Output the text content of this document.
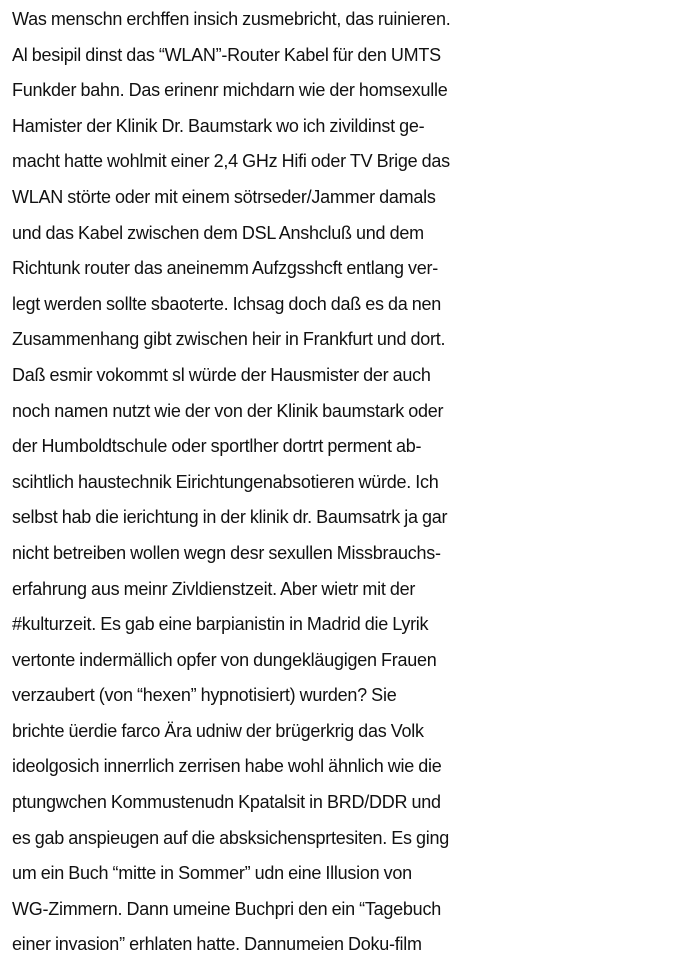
Was menschn erchffen insich zusmebricht, das ruinieren.
Al besipil dinst das “WLAN”-Router Kabel für den UMTS
Funkder bahn. Das erinenr michdarn wie der homsexulle
Hamister der Klinik Dr. Baumstark wo ich zivildinst ge-
macht hatte wohlmit einer 2,4 GHz Hifi oder TV Brige das
WLAN störte oder mit einem sötrseder/Jammer damals
und das Kabel zwischen dem DSL Anshcluß und dem
Richtunk router das aneinemm Aufzgsshcft entlang ver-
legt werden sollte sbaoterte. Ichsag doch daß es da nen
Zusammenhang gibt zwischen heir in Frankfurt und dort.
Daß esmir vokommt sl würde der Hausmister der auch
noch namen nutzt wie der von der Klinik baumstark oder
der Humboldtschule oder sportlher dortrt perment ab-
scihtlich haustechnik Eirichtungenabsotieren würde. Ich
selbst hab die ierichtung in der klinik dr. Baumsatrk ja gar
nicht betreiben wollen wegn desr sexullen Missbrauchs-
erfahrung aus meinr Zivldienstzeit. Aber wietr mit der
#kulturzeit. Es gab eine barpianistin in Madrid die Lyrik
vertonte indermällich opfer von dungekläugigen Frauen
verzaubert (von “hexen” hypnotisiert) wurden? Sie
brichte üerdie farco Ära udniw der brügerkrig das Volk
ideolgosich innerrlich zerrisen habe wohl ähnlich wie die
ptungwchen Kommustenudn Kpatalsit in BRD/DDR und
es gab anspieugen auf die absksichensprtesiten. Es ging
um ein Buch “mitte in Sommer” udn eine Illusion von
WG-Zimmern. Dann umeine Buchpri den ein “Tagebuch
einer invasion” erhlaten hatte. Dannumeien Doku-film
